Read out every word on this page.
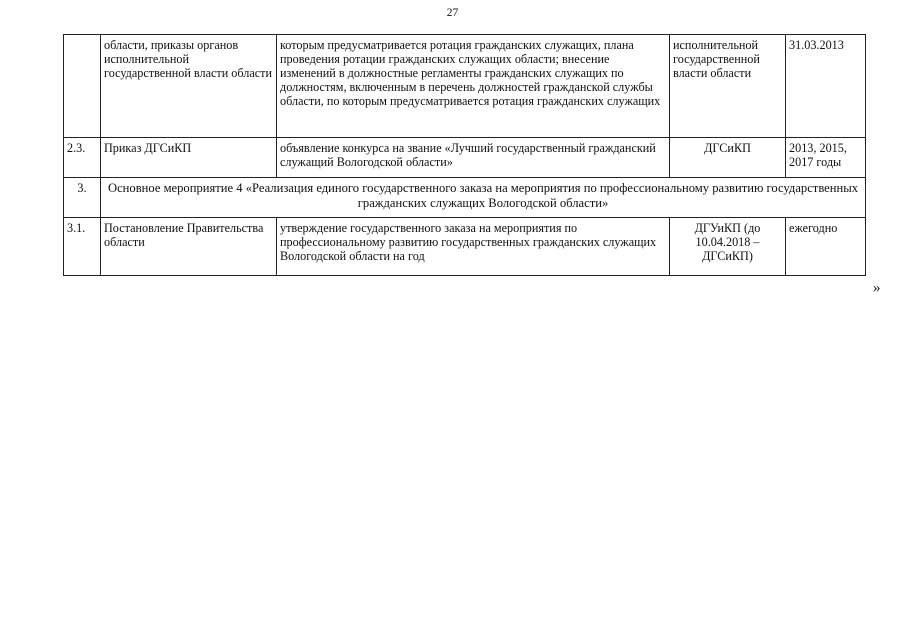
27
	области, приказы органов исполнительной государственной власти области	которым предусматривается ротация гражданских служащих, плана проведения ротации гражданских служащих области; внесение изменений в должностные регламенты гражданских служащих по должностям, включенным в перечень должностей гражданской службы области, по которым предусматривается ротация гражданских служащих	исполнительной государственной власти области	31.03.2013
2.3.	Приказ ДГСиКП	объявление конкурса на звание «Лучший государственный гражданский служащий Вологодской области»	ДГСиКП	2013, 2015, 2017 годы
3.	Основное мероприятие 4 «Реализация единого государственного заказа на мероприятия по профессиональному развитию государственных гражданских служащих Вологодской области»			
3.1.	Постановление Правительства области	утверждение государственного заказа на мероприятия по профессиональному развитию государственных гражданских служащих Вологодской области на год	ДГУиКП (до 10.04.2018 – ДГСиКП)	ежегодно
»
